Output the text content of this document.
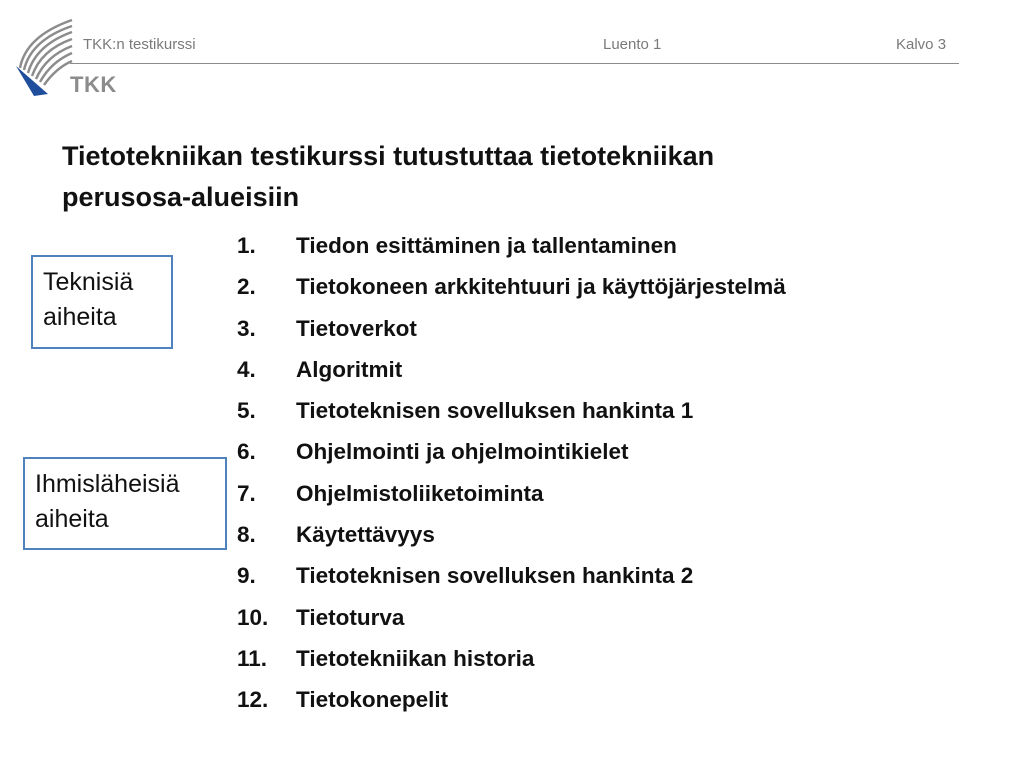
TKK
TKK:n testikurssi	Luento 1	Kalvo 3
Tietotekniikan testikurssi tutustuttaa tietotekniikan
perusosa-alueisiin
1.	Tiedon esittäminen ja tallentaminen
2.	Tietokoneen arkkitehtuuri ja käyttöjärjestelmä
3.	Tietoverkot
4.	Algoritmit
5.	Tietoteknisen sovelluksen hankinta 1
6.	Ohjelmointi ja ohjelmointikielet
7.	Ohjelmistoliiketoiminta
8.	Käytettävyys
9.	Tietoteknisen sovelluksen hankinta 2
10.	Tietoturva
11.	Tietotekniikan historia
12.	Tietokonepelit
Teknisiä
aiheita
Ihmisläheisiä
aiheita
